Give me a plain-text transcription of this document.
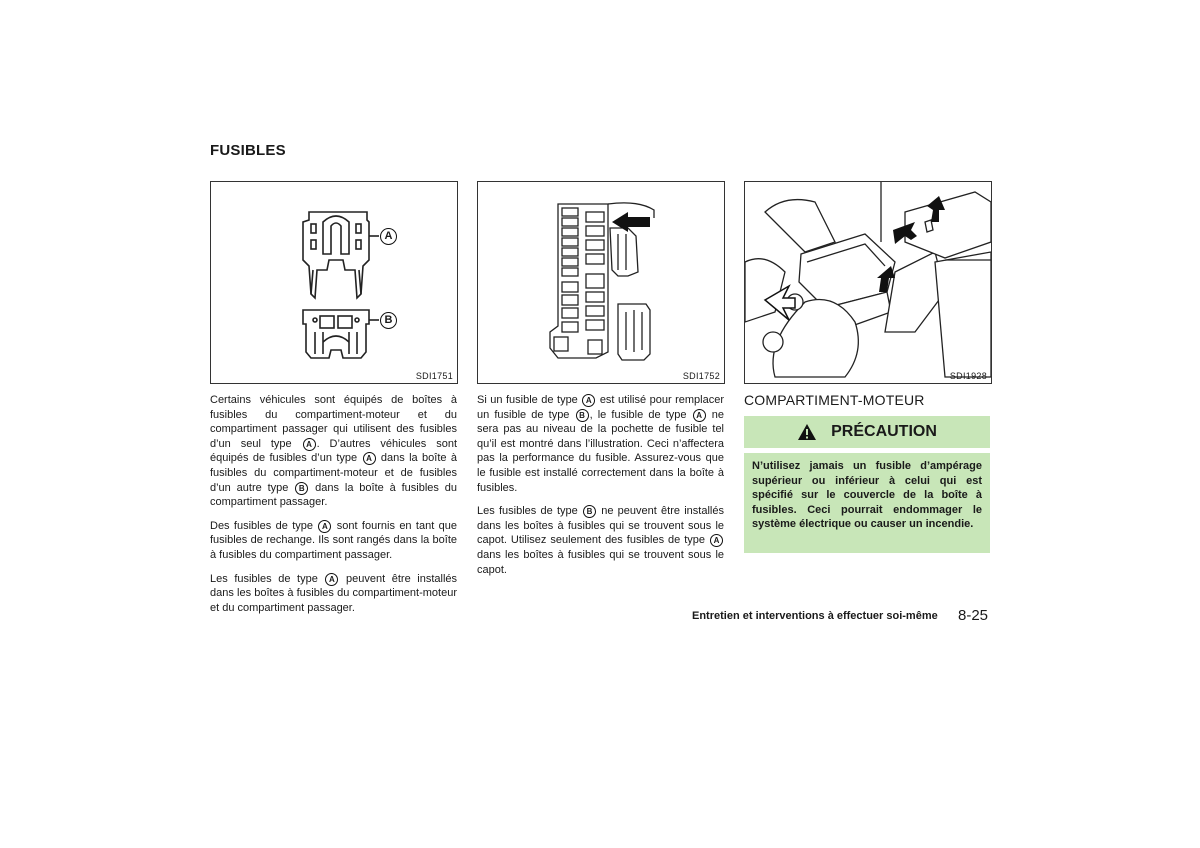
FUSIBLES
A
B
SDI1751	SDI1752	SDI1928

Certains véhicules sont équipés de boîtes à fusibles du compartiment-moteur et du compartiment passager qui utilisent des fusibles d’un seul type A . D’autres véhicules sont équipés de fusibles d’un type A dans la boîte à fusibles du compartiment-moteur et de fusibles d’un autre type B dans la boîte à fusibles du compartiment passager.

Des fusibles de type A sont fournis en tant que fusibles de rechange. Ils sont rangés dans la boîte à fusibles du compartiment passager.

Les fusibles de type A peuvent être installés dans les boîtes à fusibles du compartiment-moteur et du compartiment passager.

Si un fusible de type A est utilisé pour remplacer un fusible de type B , le fusible de type A ne sera pas au niveau de la pochette de fusible tel qu’il est montré dans l’illustration. Ceci n’affectera pas la performance du fusible. Assurez-vous que le fusible est installé correctement dans la boîte à fusibles.

Les fusibles de type B ne peuvent être installés dans les boîtes à fusibles qui se trouvent sous le capot. Utilisez seulement des fusibles de type A dans les boîtes à fusibles qui se trouvent sous le capot.

COMPARTIMENT-MOTEUR
PRÉCAUTION
N’utilisez jamais un fusible d’ampérage supérieur ou inférieur à celui qui est spécifié sur le couvercle de la boîte à fusibles. Ceci pourrait endommager le système électrique ou causer un incendie.
Entretien et interventions à effectuer soi-même 8-25
